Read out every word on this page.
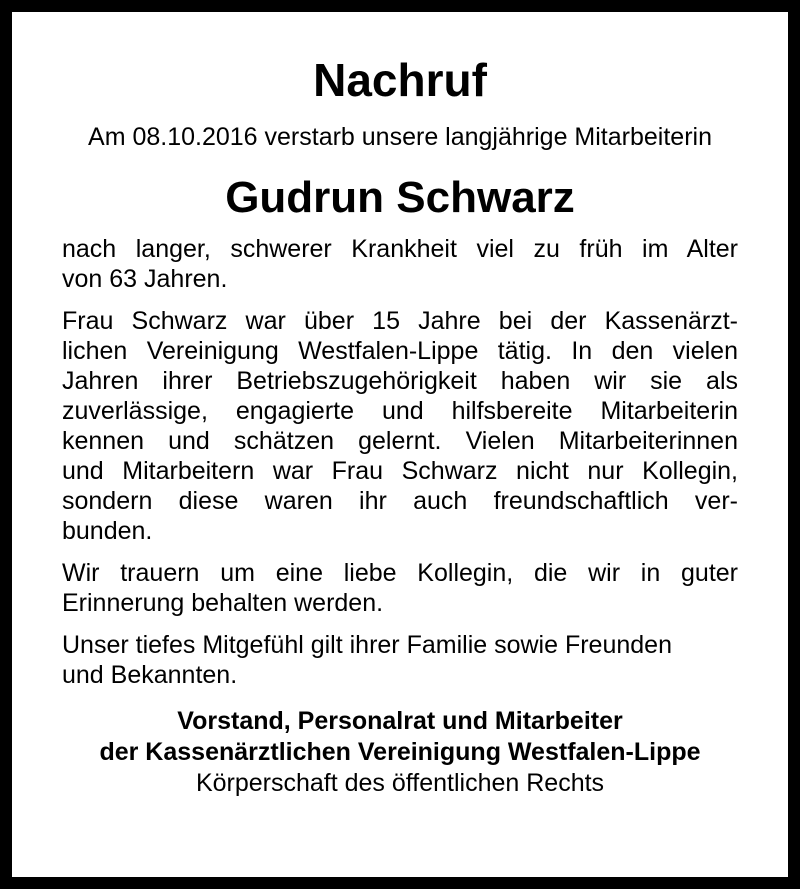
Nachruf
Am 08.10.2016 verstarb unsere langjährige Mitarbeiterin
Gudrun Schwarz
nach langer, schwerer Krankheit viel zu früh im Alter
von 63 Jahren.
Frau Schwarz war über 15 Jahre bei der Kassenärzt-
lichen Vereinigung Westfalen-Lippe tätig. In den vielen
Jahren ihrer Betriebszugehörigkeit haben wir sie als
zuverlässige, engagierte und hilfsbereite Mitarbeiterin
kennen und schätzen gelernt. Vielen Mitarbeiterinnen
und Mitarbeitern war Frau Schwarz nicht nur Kollegin,
sondern diese waren ihr auch freundschaftlich ver-
bunden.
Wir trauern um eine liebe Kollegin, die wir in guter
Erinnerung behalten werden.
Unser tiefes Mitgefühl gilt ihrer Familie sowie Freunden
und Bekannten.
Vorstand, Personalrat und Mitarbeiter
der Kassenärztlichen Vereinigung Westfalen-Lippe
Körperschaft des öffentlichen Rechts
